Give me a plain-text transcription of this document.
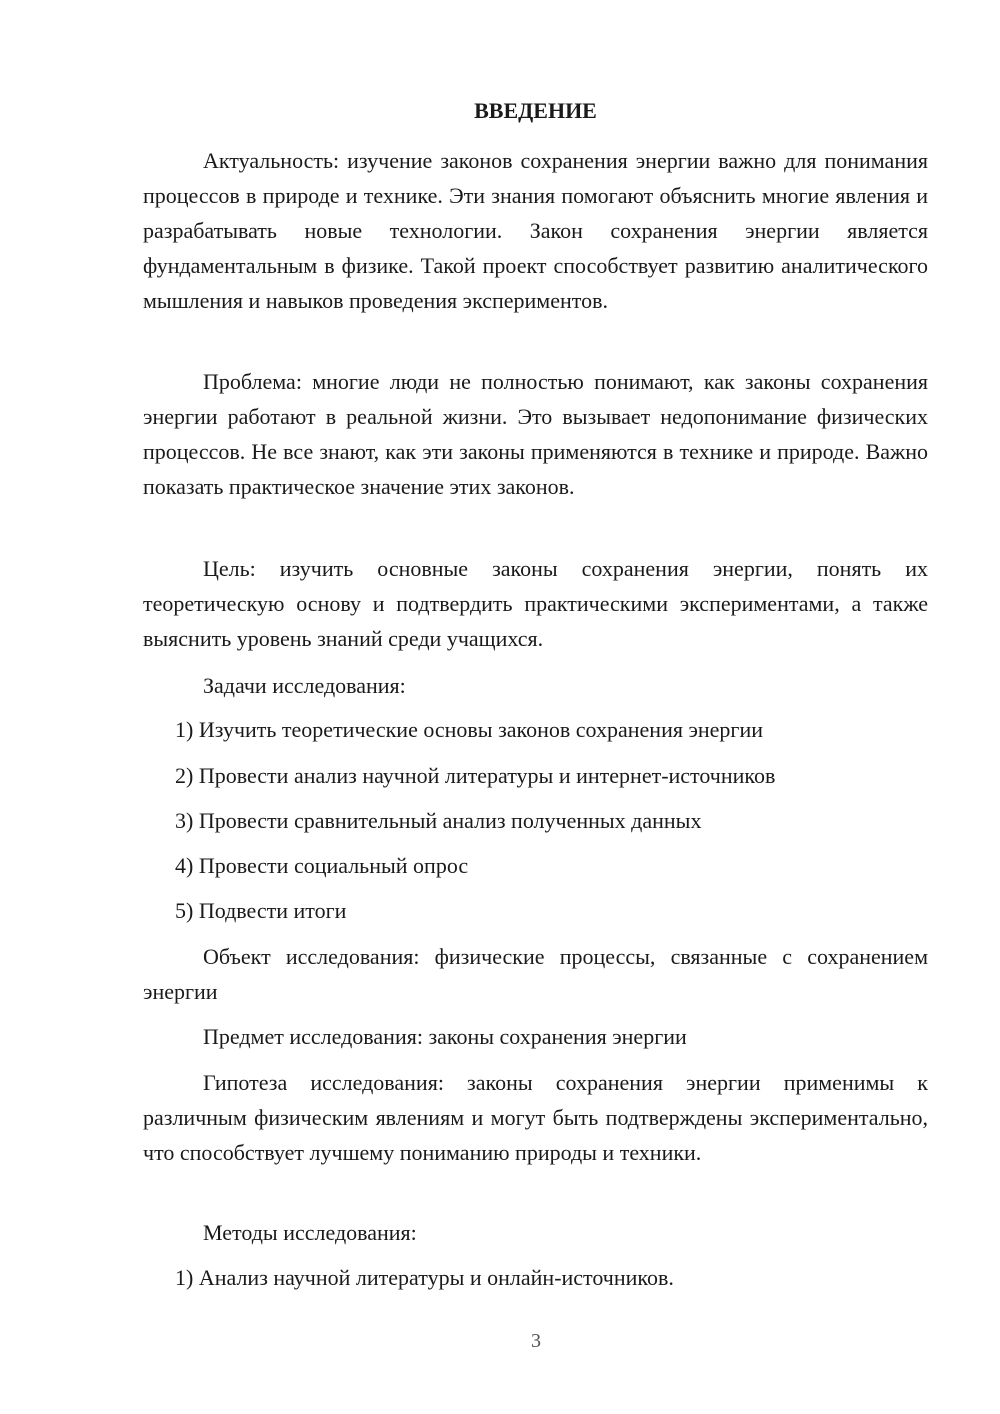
ВВЕДЕНИЕ

Актуальность: изучение законов сохранения энергии важно для понимания процессов в природе и технике. Эти знания помогают объяснить многие явления и разрабатывать новые технологии. Закон сохранения энергии является фундаментальным в физике. Такой проект способствует развитию аналитического мышления и навыков проведения экспериментов.

Проблема: многие люди не полностью понимают, как законы сохранения энергии работают в реальной жизни. Это вызывает недопонимание физических процессов. Не все знают, как эти законы применяются в технике и природе. Важно показать практическое значение этих законов.

Цель: изучить основные законы сохранения энергии, понять их теоретическую основу и подтвердить практическими экспериментами, а также выяснить уровень знаний среди учащихся.

Задачи исследования:

1) Изучить теоретические основы законов сохранения энергии

2) Провести анализ научной литературы и интернет-источников

3) Провести сравнительный анализ полученных данных

4) Провести социальный опрос

5) Подвести итоги

Объект исследования: физические процессы, связанные с сохранением энергии

Предмет исследования: законы сохранения энергии

Гипотеза исследования: законы сохранения энергии применимы к различным физическим явлениям и могут быть подтверждены экспериментально, что способствует лучшему пониманию природы и техники.

Методы исследования:

1) Анализ научной литературы и онлайн-источников.

3
